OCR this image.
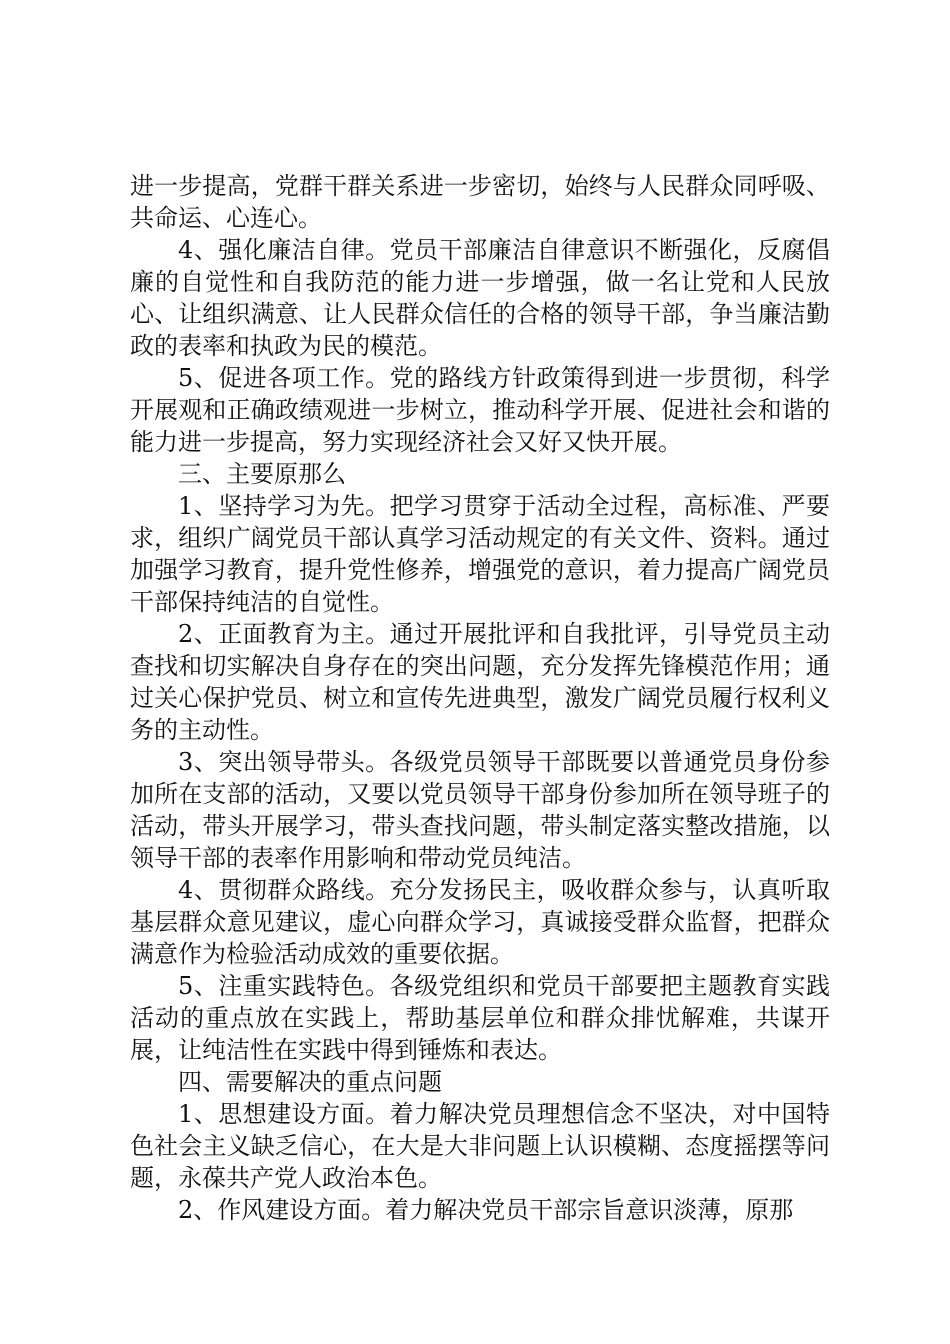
进一步提高，党群干群关系进一步密切，始终与人民群众同呼吸、共命运、心连心。

4、强化廉洁自律。党员干部廉洁自律意识不断强化，反腐倡廉的自觉性和自我防范的能力进一步增强，做一名让党和人民放心、让组织满意、让人民群众信任的合格的领导干部，争当廉洁勤政的表率和执政为民的模范。

5、促进各项工作。党的路线方针政策得到进一步贯彻，科学开展观和正确政绩观进一步树立，推动科学开展、促进社会和谐的能力进一步提高，努力实现经济社会又好又快开展。

三、主要原那么

1、坚持学习为先。把学习贯穿于活动全过程，高标准、严要求，组织广阔党员干部认真学习活动规定的有关文件、资料。通过加强学习教育，提升党性修养，增强党的意识，着力提高广阔党员干部保持纯洁的自觉性。

2、正面教育为主。通过开展批评和自我批评，引导党员主动查找和切实解决自身存在的突出问题，充分发挥先锋模范作用；通过关心保护党员、树立和宣传先进典型，激发广阔党员履行权利义务的主动性。

3、突出领导带头。各级党员领导干部既要以普通党员身份参加所在支部的活动，又要以党员领导干部身份参加所在领导班子的活动，带头开展学习，带头查找问题，带头制定落实整改措施，以领导干部的表率作用影响和带动党员纯洁。

4、贯彻群众路线。充分发扬民主，吸收群众参与，认真听取基层群众意见建议，虚心向群众学习，真诚接受群众监督，把群众满意作为检验活动成效的重要依据。

5、注重实践特色。各级党组织和党员干部要把主题教育实践活动的重点放在实践上，帮助基层单位和群众排忧解难，共谋开展，让纯洁性在实践中得到锤炼和表达。

四、需要解决的重点问题

1、思想建设方面。着力解决党员理想信念不坚决，对中国特色社会主义缺乏信心，在大是大非问题上认识模糊、态度摇摆等问题，永葆共产党人政治本色。

2、作风建设方面。着力解决党员干部宗旨意识淡薄，原那
